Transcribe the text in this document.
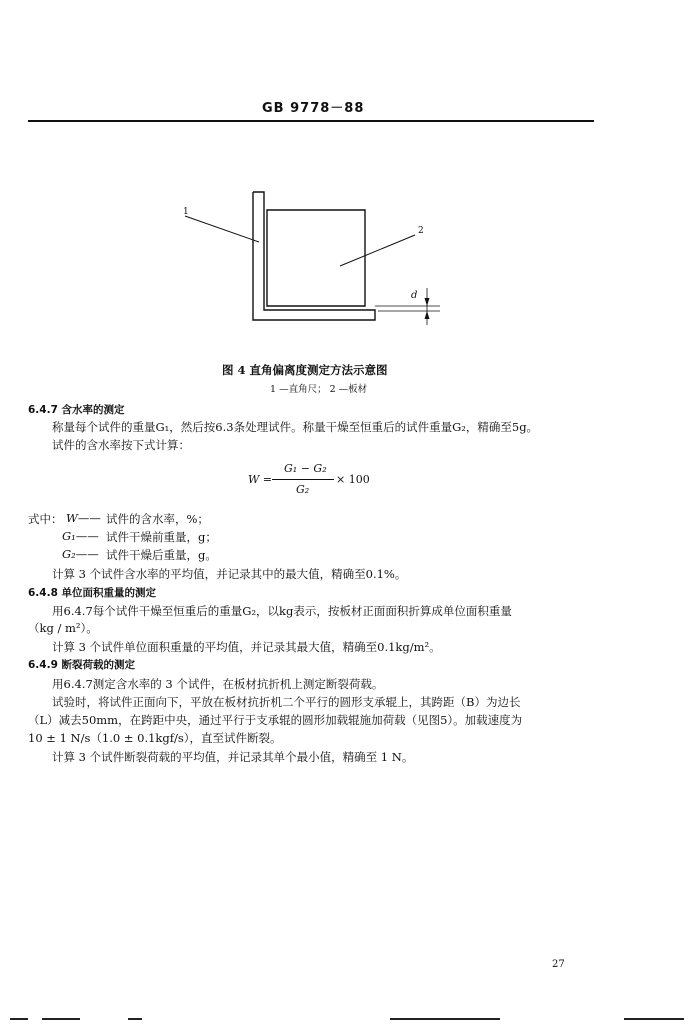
GB 9778－88
1
2
d
图 4 直角偏离度测定方法示意图
1 —直角尺； 2 —板材
6.4.7 含水率的测定
称量每个试件的重量G₁，然后按6.3条处理试件。称量干燥至恒重后的试件重量G₂，精确至5g。
试件的含水率按下式计算：
W =
G₁ − G₂
G₂
× 100
式中： W—— 试件的含水率，%；
G₁—— 试件干燥前重量，g；
G₂—— 试件干燥后重量，g。
计算 3 个试件含水率的平均值，并记录其中的最大值，精确至0.1%。
6.4.8 单位面积重量的测定
用6.4.7每个试件干燥至恒重后的重量G₂，以kg表示，按板材正面面积折算成单位面积重量
（kg / m²）。
计算 3 个试件单位面积重量的平均值，并记录其最大值，精确至0.1kg/m²。
6.4.9 断裂荷载的测定
用6.4.7测定含水率的 3 个试件，在板材抗折机上测定断裂荷载。
试验时，将试件正面向下，平放在板材抗折机二个平行的圆形支承辊上，其跨距（B）为边长
（L）减去50mm，在跨距中央，通过平行于支承辊的圆形加载辊施加荷载（见图5）。加载速度为
10 ± 1 N/s（1.0 ± 0.1kgf/s），直至试件断裂。
计算 3 个试件断裂荷载的平均值，并记录其单个最小值，精确至 1 N。
27
